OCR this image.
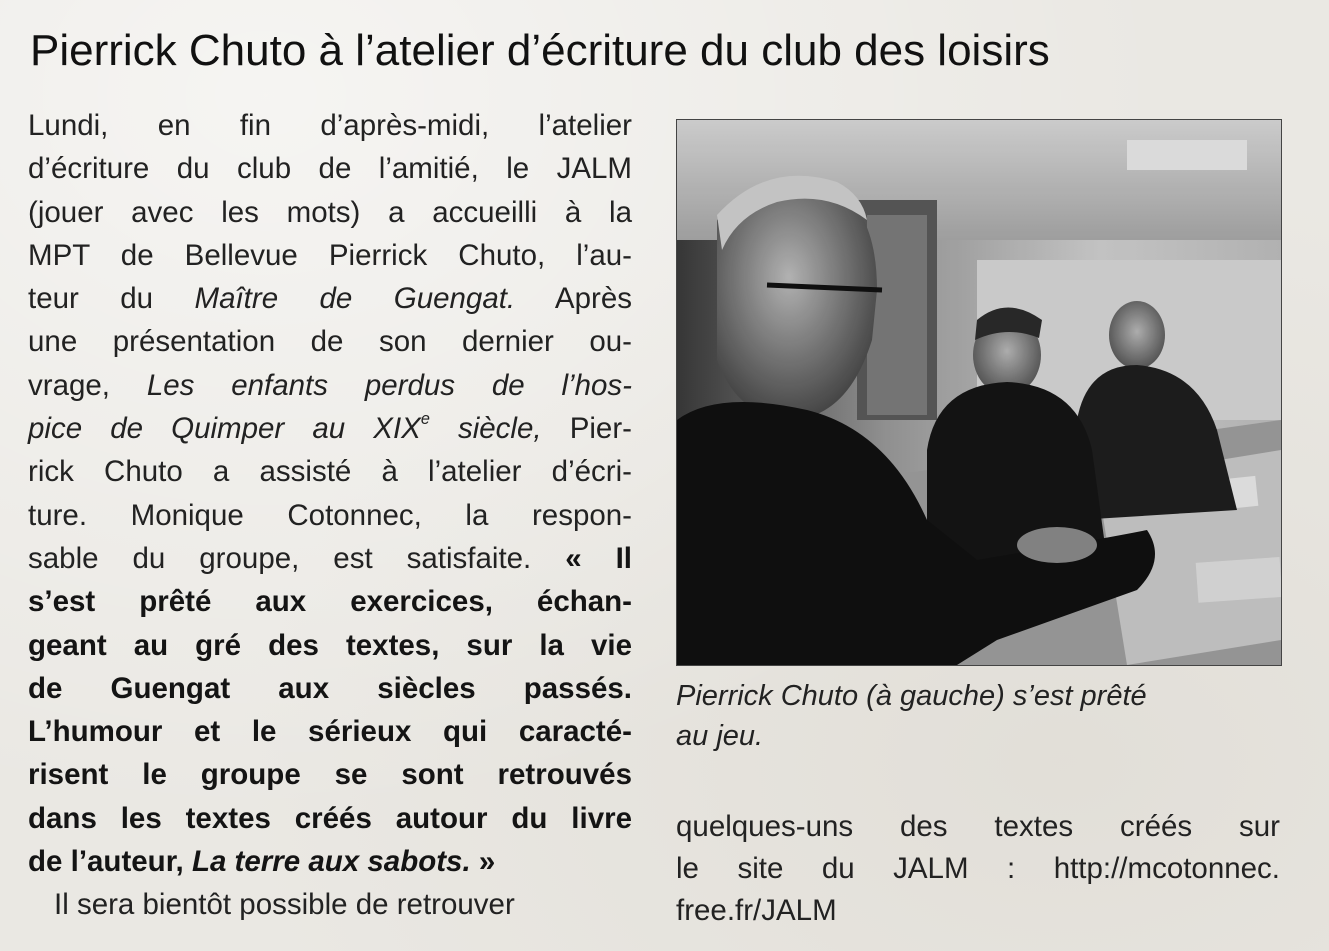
Pierrick Chuto à l’atelier d’écriture du club des loisirs
Lundi, en fin d’après-midi, l’atelier
d’écriture du club de l’amitié, le JALM
(jouer avec les mots) a accueilli à la
MPT de Bellevue Pierrick Chuto, l’au-
teur du Maître de Guengat. Après
une présentation de son dernier ou-
vrage, Les enfants perdus de l’hos-
pice de Quimper au XIXe siècle, Pier-
rick Chuto a assisté à l’atelier d’écri-
ture. Monique Cotonnec, la respon-
sable du groupe, est satisfaite. « Il
s’est prêté aux exercices, échan-
geant au gré des textes, sur la vie
de Guengat aux siècles passés.
L’humour et le sérieux qui caracté-
risent le groupe se sont retrouvés
dans les textes créés autour du livre
de l’auteur, La terre aux sabots. »
Il sera bientôt possible de retrouver
Pierrick Chuto (à gauche) s’est prêté
au jeu.
quelques-uns des textes créés sur
le site du JALM : http://mcotonnec.
free.fr/JALM
